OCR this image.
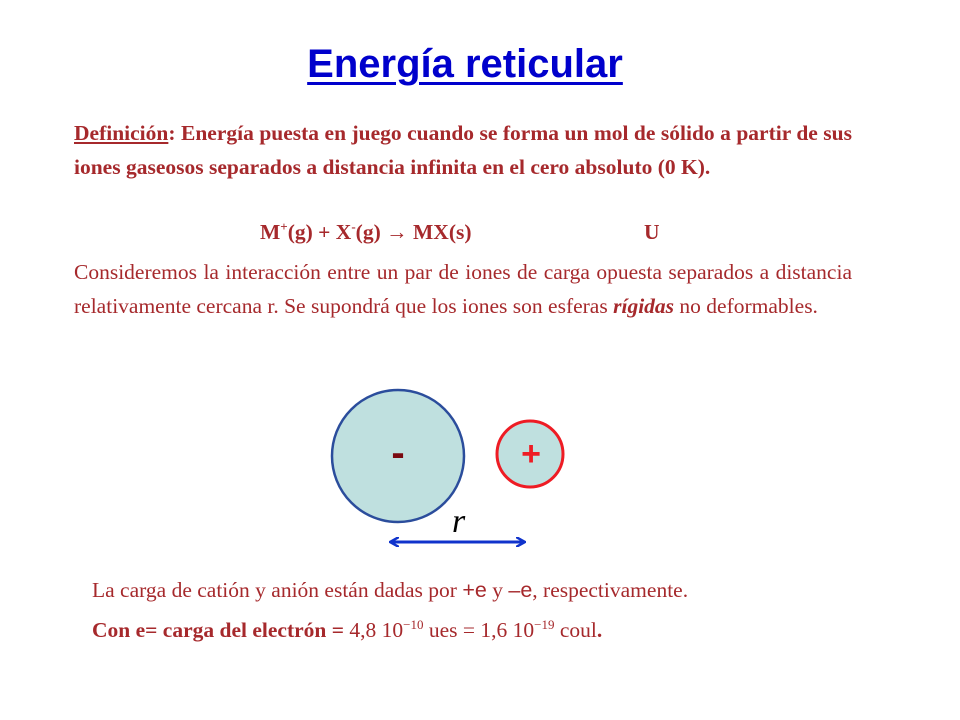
Energía reticular
Definición: Energía puesta en juego cuando se forma un mol de sólido a partir de sus iones gaseosos separados a distancia infinita en el cero absoluto (0 K).
M+(g) + X-(g) → MX(s)	U
Consideremos la interacción entre un par de iones de carga opuesta separados a distancia relativamente cercana r. Se supondrá que los iones son esferas rígidas no deformables.
-	+
r
La carga de catión y anión están dadas por +e y –e, respectivamente.
Con e= carga del electrón = 4,8 $10^{-10}$ ues = 1,6 $10^{-19}$ coul.
